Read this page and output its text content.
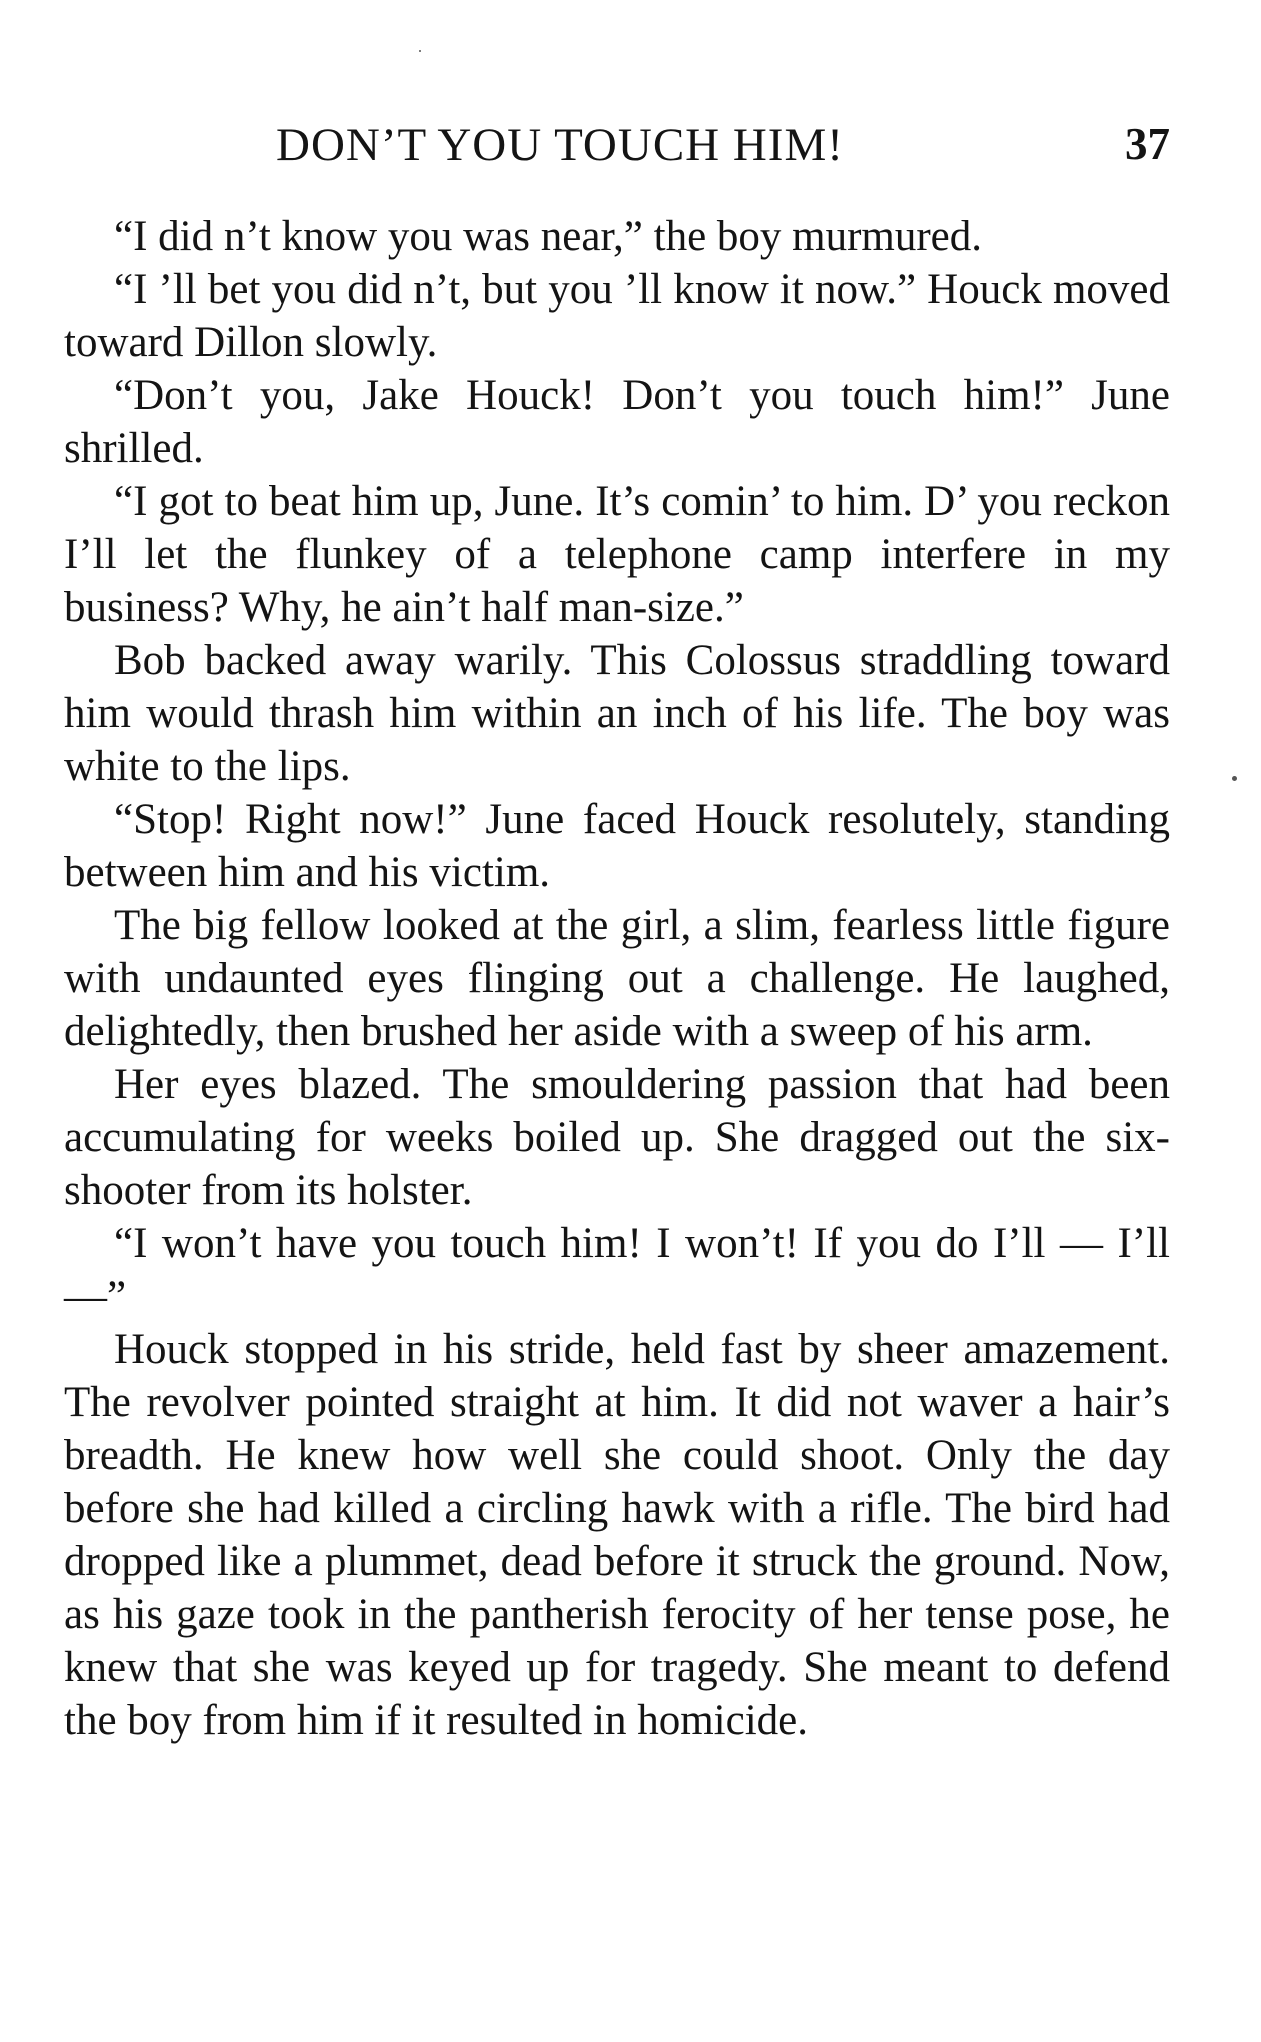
DON’T YOU TOUCH HIM!	37

“I did n’t know you was near,” the boy murmured.

“I ’ll bet you did n’t, but you ’ll know it now.” Houck moved toward Dillon slowly.

“Don’t you, Jake Houck! Don’t you touch him!” June shrilled.

“I got to beat him up, June. It’s comin’ to him. D’ you reckon I’ll let the flunkey of a telephone camp interfere in my business? Why, he ain’t half man-size.”

Bob backed away warily. This Colossus straddling toward him would thrash him within an inch of his life. The boy was white to the lips.

“Stop! Right now!” June faced Houck resolutely, standing between him and his victim.

The big fellow looked at the girl, a slim, fearless little figure with undaunted eyes flinging out a challenge. He laughed, delightedly, then brushed her aside with a sweep of his arm.

Her eyes blazed. The smouldering passion that had been accumulating for weeks boiled up. She dragged out the six-shooter from its holster.

“I won’t have you touch him! I won’t! If you do I’ll — I’ll —”

Houck stopped in his stride, held fast by sheer amazement. The revolver pointed straight at him. It did not waver a hair’s breadth. He knew how well she could shoot. Only the day before she had killed a circling hawk with a rifle. The bird had dropped like a plummet, dead before it struck the ground. Now, as his gaze took in the pantherish ferocity of her tense pose, he knew that she was keyed up for tragedy. She meant to defend the boy from him if it resulted in homicide.
